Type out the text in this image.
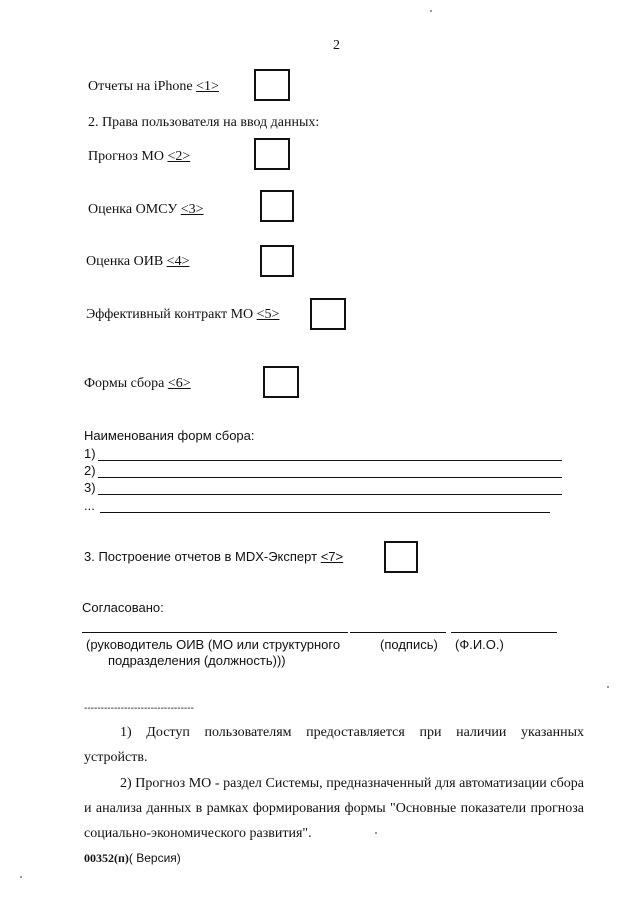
2
Отчеты на iPhone <1>
2. Права пользователя на ввод данных:
Прогноз МО <2>
Оценка ОМСУ <3>
Оценка ОИВ <4>
Эффективный контракт МО <5>
Формы сбора <6>
Наименования форм сбора:
1)
2)
3)
...
3. Построение отчетов в MDX-Эксперт <7>
Согласовано:
(руководитель ОИВ (МО или структурного	(подпись) (Ф.И.О.)
подразделения (должность)))
---------------------------------
1) Доступ пользователям предоставляется при наличии указанных устройств.
2) Прогноз МО - раздел Системы, предназначенный для автоматизации сбора и анализа данных в рамках формирования формы "Основные показатели прогноза социально-экономического развития".
00352(п)( Версия)
